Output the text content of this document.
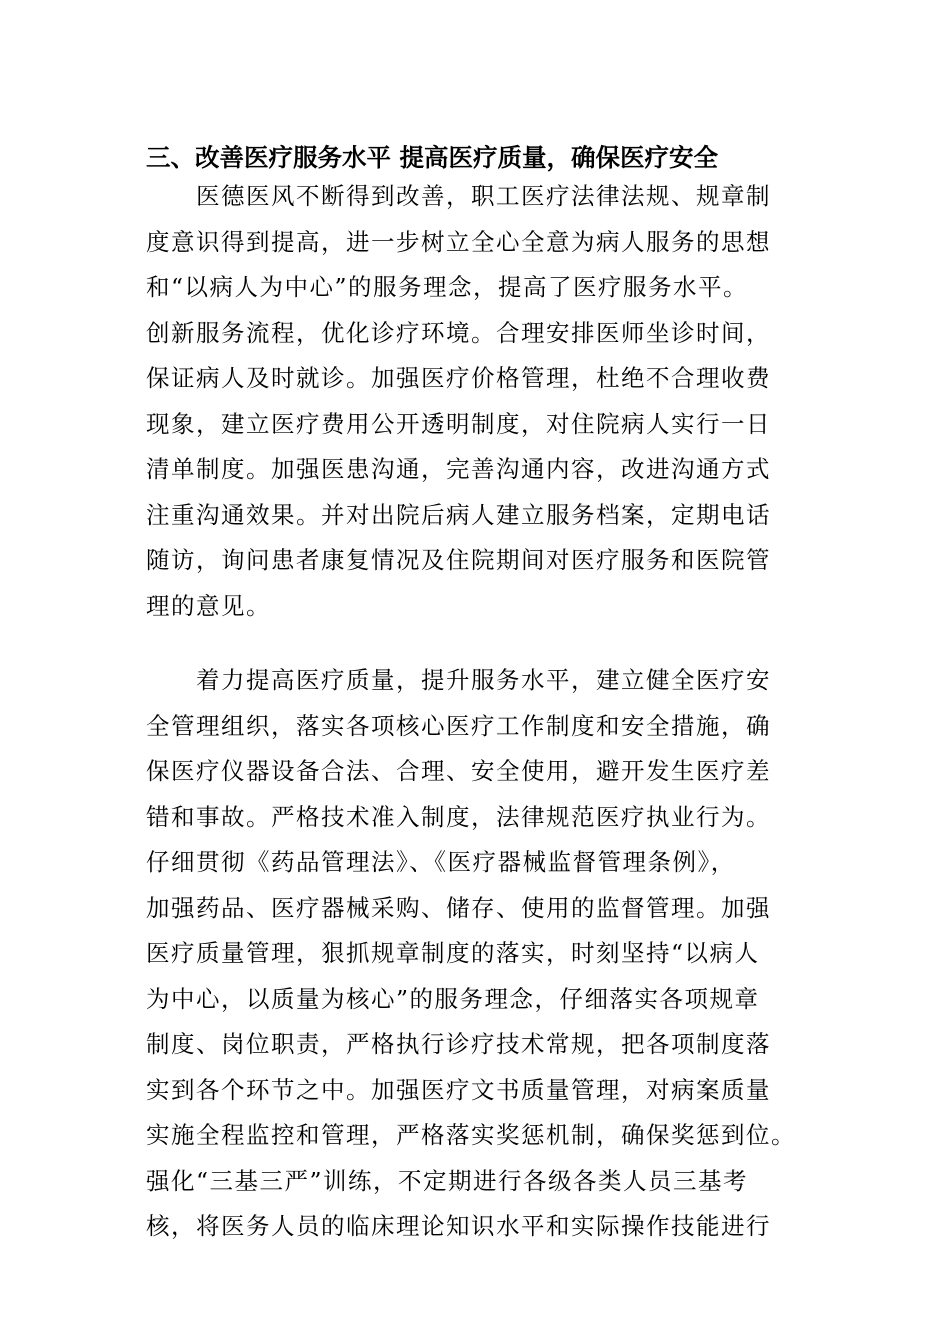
三、改善医疗服务水平 提高医疗质量，确保医疗安全
　　医德医风不断得到改善，职工医疗法律法规、规章制
度意识得到提高，进一步树立全心全意为病人服务的思想
和“以病人为中心”的服务理念，提高了医疗服务水平。
创新服务流程，优化诊疗环境。合理安排医师坐诊时间，
保证病人及时就诊。加强医疗价格管理，杜绝不合理收费
现象，建立医疗费用公开透明制度，对住院病人实行一日
清单制度。加强医患沟通，完善沟通内容，改进沟通方式
注重沟通效果。并对出院后病人建立服务档案，定期电话
随访，询问患者康复情况及住院期间对医疗服务和医院管
理的意见。
　　着力提高医疗质量，提升服务水平，建立健全医疗安
全管理组织，落实各项核心医疗工作制度和安全措施，确
保医疗仪器设备合法、合理、安全使用，避开发生医疗差
错和事故。严格技术准入制度，法律规范医疗执业行为。
仔细贯彻《药品管理法》、《医疗器械监督管理条例》，
加强药品、医疗器械采购、储存、使用的监督管理。加强
医疗质量管理，狠抓规章制度的落实，时刻坚持“以病人
为中心，以质量为核心”的服务理念，仔细落实各项规章
制度、岗位职责，严格执行诊疗技术常规，把各项制度落
实到各个环节之中。加强医疗文书质量管理，对病案质量
实施全程监控和管理，严格落实奖惩机制，确保奖惩到位。
强化“三基三严”训练，不定期进行各级各类人员三基考
核，将医务人员的临床理论知识水平和实际操作技能进行
